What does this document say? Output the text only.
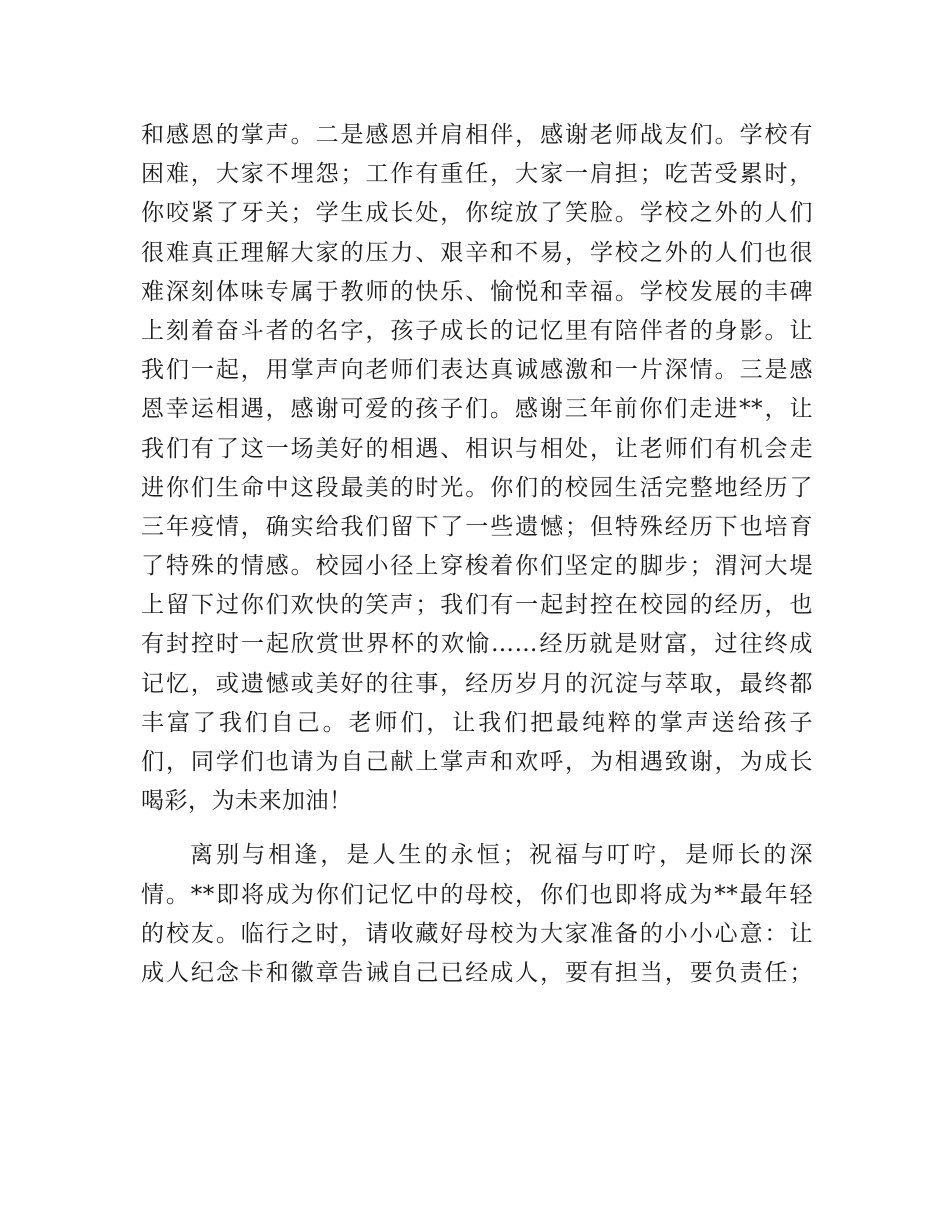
和感恩的掌声。二是感恩并肩相伴，感谢老师战友们。学校有
困难，大家不埋怨；工作有重任，大家一肩担；吃苦受累时，
你咬紧了牙关；学生成长处，你绽放了笑脸。学校之外的人们
很难真正理解大家的压力、艰辛和不易，学校之外的人们也很
难深刻体味专属于教师的快乐、愉悦和幸福。学校发展的丰碑
上刻着奋斗者的名字，孩子成长的记忆里有陪伴者的身影。让
我们一起，用掌声向老师们表达真诚感激和一片深情。三是感
恩幸运相遇，感谢可爱的孩子们。感谢三年前你们走进**，让
我们有了这一场美好的相遇、相识与相处，让老师们有机会走
进你们生命中这段最美的时光。你们的校园生活完整地经历了
三年疫情，确实给我们留下了一些遗憾；但特殊经历下也培育
了特殊的情感。校园小径上穿梭着你们坚定的脚步；渭河大堤
上留下过你们欢快的笑声；我们有一起封控在校园的经历，也
有封控时一起欣赏世界杯的欢愉……经历就是财富，过往终成
记忆，或遗憾或美好的往事，经历岁月的沉淀与萃取，最终都
丰富了我们自己。老师们，让我们把最纯粹的掌声送给孩子
们，同学们也请为自己献上掌声和欢呼，为相遇致谢，为成长
喝彩，为未来加油！
离别与相逢，是人生的永恒；祝福与叮咛，是师长的深
情。**即将成为你们记忆中的母校，你们也即将成为**最年轻
的校友。临行之时，请收藏好母校为大家准备的小小心意：让
成人纪念卡和徽章告诫自己已经成人，要有担当，要负责任；
